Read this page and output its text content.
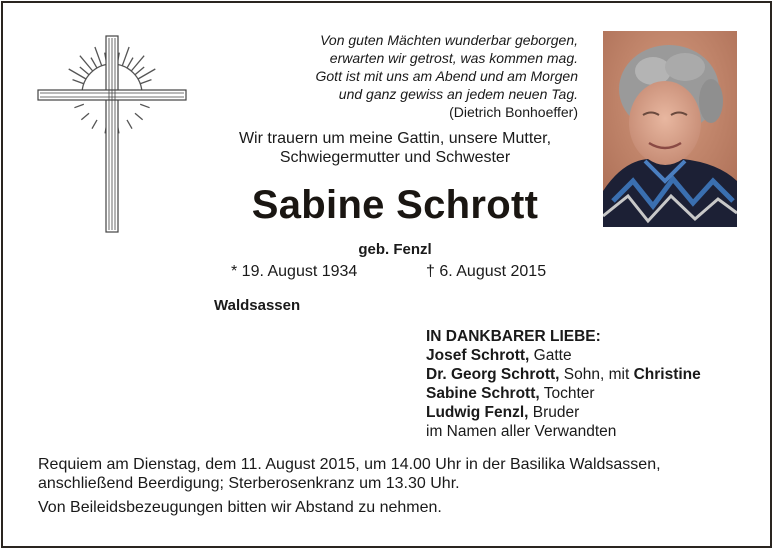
Von guten Mächten wunderbar geborgen,
erwarten wir getrost, was kommen mag.
Gott ist mit uns am Abend und am Morgen
und ganz gewiss an jedem neuen Tag.
(Dietrich Bonhoeffer)
Wir trauern um meine Gattin, unsere Mutter,
Schwiegermutter und Schwester
Sabine Schrott
geb. Fenzl
* 19. August 1934	† 6. August 2015
Waldsassen
IN DANKBARER LIEBE:
Josef Schrott, Gatte
Dr. Georg Schrott, Sohn, mit Christine
Sabine Schrott, Tochter
Ludwig Fenzl, Bruder
im Namen aller Verwandten
Requiem am Dienstag, dem 11. August 2015, um 14.00 Uhr in der Basilika Waldsassen,
anschließend Beerdigung; Sterberosenkranz um 13.30 Uhr.
Von Beileidsbezeugungen bitten wir Abstand zu nehmen.
